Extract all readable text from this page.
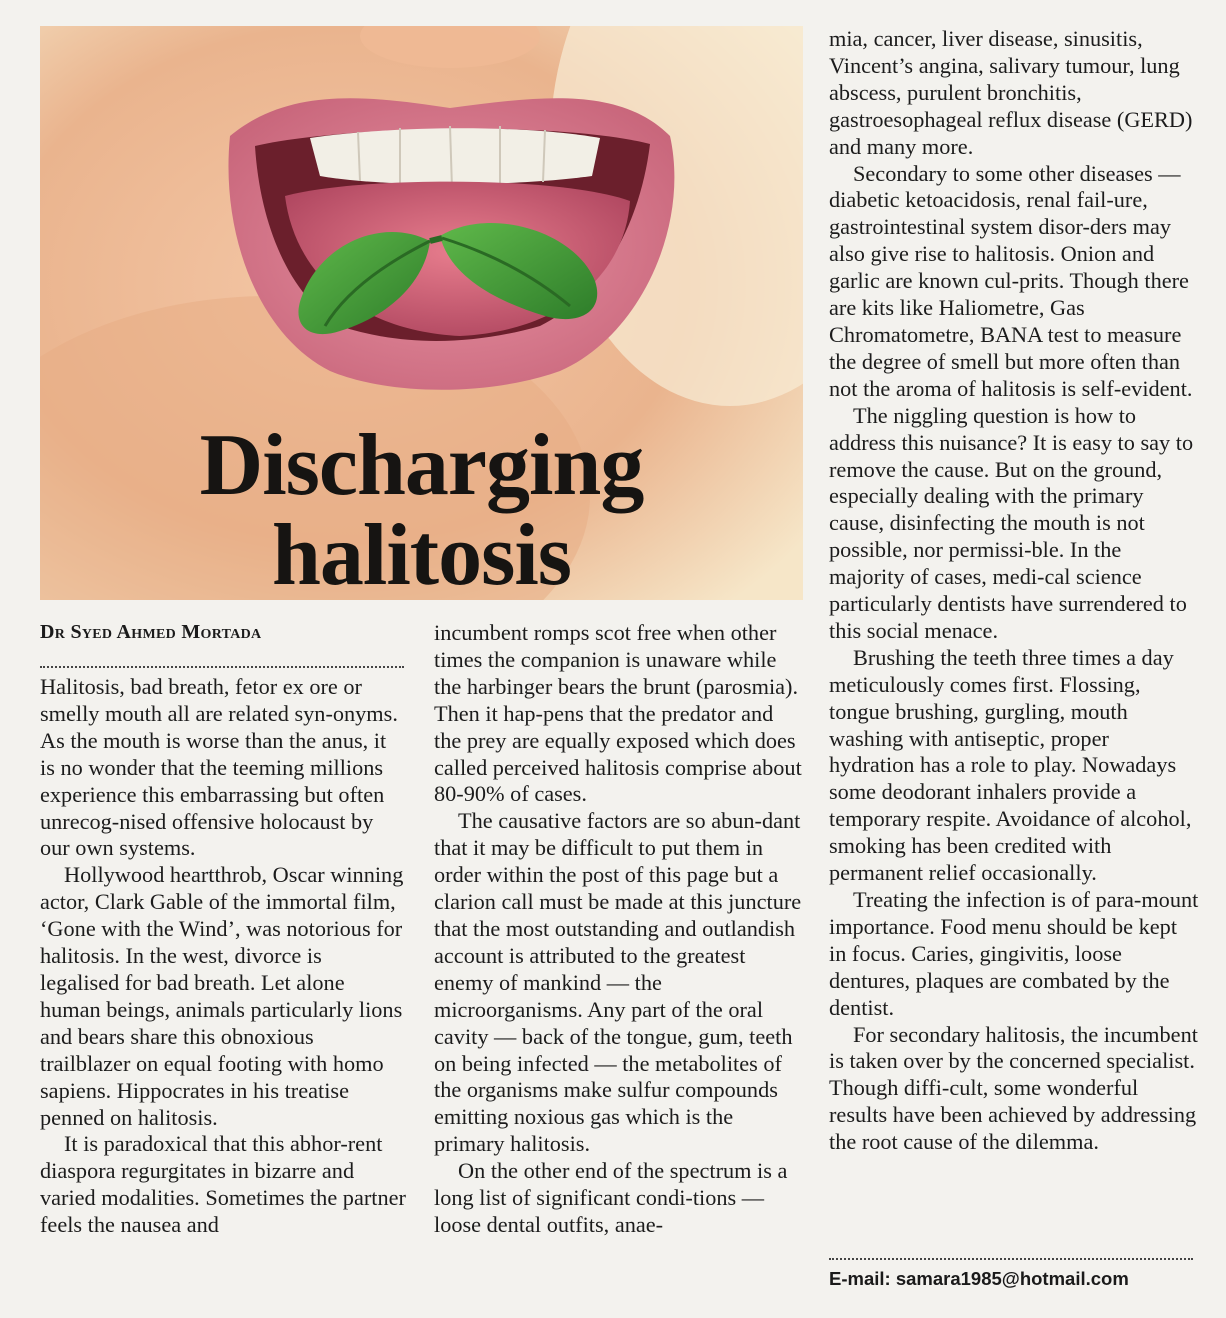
Discharging
halitosis
Dr Syed Ahmed Mortada

Halitosis, bad breath, fetor ex ore or smelly mouth all are related syn-onyms. As the mouth is worse than the anus, it is no wonder that the teeming millions experience this embarrassing but often unrecog-nised offensive holocaust by our own systems.

Hollywood heartthrob, Oscar winning actor, Clark Gable of the immortal film, ‘Gone with the Wind’, was notorious for halitosis. In the west, divorce is legalised for bad breath. Let alone human beings, animals particularly lions and bears share this obnoxious trailblazer on equal footing with homo sapiens. Hippocrates in his treatise penned on halitosis.

It is paradoxical that this abhor-rent diaspora regurgitates in bizarre and varied modalities. Sometimes the partner feels the nausea and

incumbent romps scot free when other times the companion is unaware while the harbinger bears the brunt (parosmia). Then it hap-pens that the predator and the prey are equally exposed which does called perceived halitosis comprise about 80-90% of cases.

The causative factors are so abun-dant that it may be difficult to put them in order within the post of this page but a clarion call must be made at this juncture that the most outstanding and outlandish account is attributed to the greatest enemy of mankind — the microorganisms. Any part of the oral cavity — back of the tongue, gum, teeth on being infected — the metabolites of the organisms make sulfur compounds emitting noxious gas which is the primary halitosis.

On the other end of the spectrum is a long list of significant condi-tions — loose dental outfits, anae-

mia, cancer, liver disease, sinusitis, Vincent’s angina, salivary tumour, lung abscess, purulent bronchitis, gastroesophageal reflux disease (GERD) and many more.

Secondary to some other diseases — diabetic ketoacidosis, renal fail-ure, gastrointestinal system disor-ders may also give rise to halitosis. Onion and garlic are known cul-prits. Though there are kits like Haliometre, Gas Chromatometre, BANA test to measure the degree of smell but more often than not the aroma of halitosis is self-evident.

The niggling question is how to address this nuisance? It is easy to say to remove the cause. But on the ground, especially dealing with the primary cause, disinfecting the mouth is not possible, nor permissi-ble. In the majority of cases, medi-cal science particularly dentists have surrendered to this social menace.

Brushing the teeth three times a day meticulously comes first. Flossing, tongue brushing, gurgling, mouth washing with antiseptic, proper hydration has a role to play. Nowadays some deodorant inhalers provide a temporary respite. Avoidance of alcohol, smoking has been credited with permanent relief occasionally.

Treating the infection is of para-mount importance. Food menu should be kept in focus. Caries, gingivitis, loose dentures, plaques are combated by the dentist.

For secondary halitosis, the incumbent is taken over by the concerned specialist. Though diffi-cult, some wonderful results have been achieved by addressing the root cause of the dilemma.

E-mail: samara1985@hotmail.com
